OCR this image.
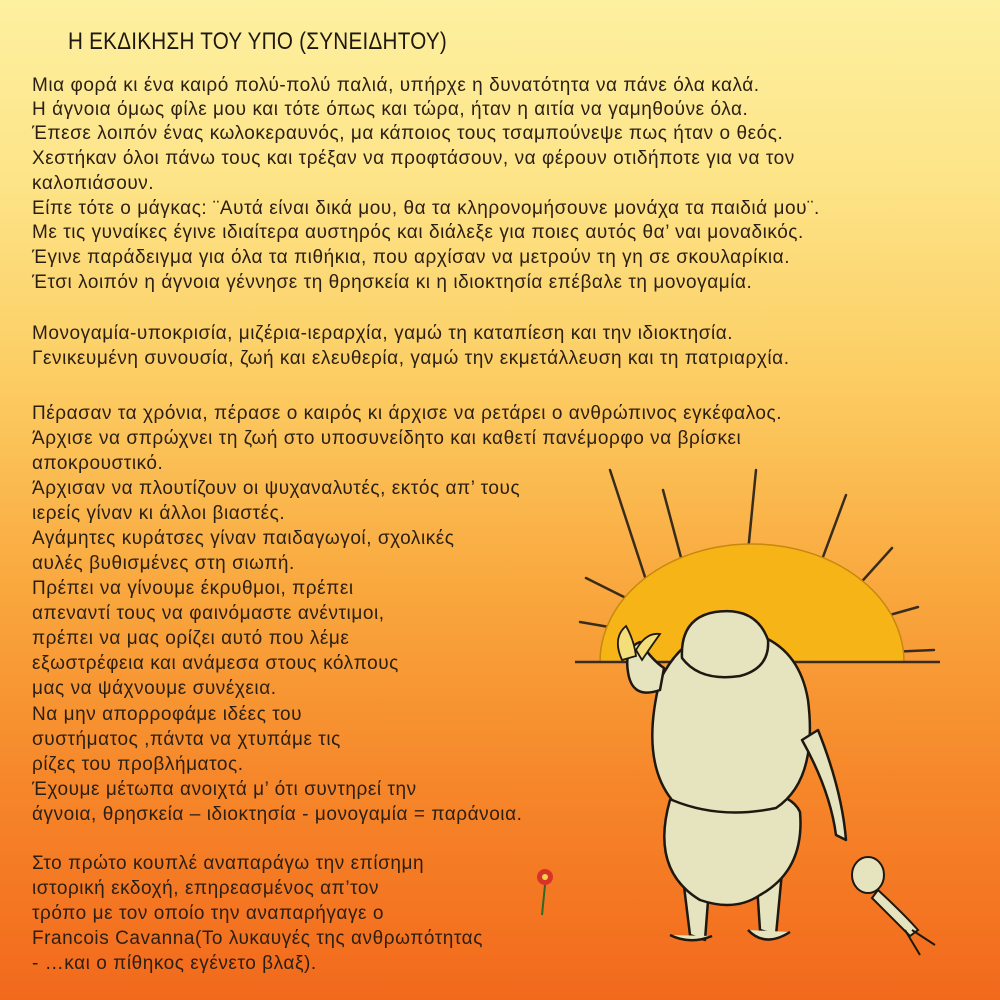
Η ΕΚΔΙΚΗΣΗ ΤΟΥ ΥΠΟ (ΣΥΝΕΙΔΗΤΟΥ)
Μια φορά κι ένα καιρό πολύ-πολύ παλιά, υπήρχε η δυνατότητα να πάνε όλα καλά.
Η άγνοια όμως φίλε μου και τότε όπως και τώρα, ήταν η αιτία να γαμηθούνε όλα.
Έπεσε λοιπόν ένας κωλοκεραυνός, μα κάποιος τους τσαμπούνεψε πως ήταν ο θεός.
Χεστήκαν όλοι πάνω τους και τρέξαν να προφτάσουν, να φέρουν οτιδήποτε για να τον
καλοπιάσουν.
Είπε τότε ο μάγκας: ¨Αυτά είναι δικά μου, θα τα κληρονομήσουνε μονάχα τα παιδιά μου¨.
Με τις γυναίκες έγινε ιδιαίτερα αυστηρός και διάλεξε για ποιες αυτός θα’ ναι μοναδικός.
Έγινε παράδειγμα για όλα τα πιθήκια, που αρχίσαν να μετρούν τη γη σε σκουλαρίκια.
Έτσι λοιπόν η άγνοια γέννησε τη θρησκεία κι η ιδιοκτησία επέβαλε τη μονογαμία.
Μονογαμία-υποκρισία, μιζέρια-ιεραρχία, γαμώ τη καταπίεση και την ιδιοκτησία.
Γενικευμένη συνουσία, ζωή και ελευθερία, γαμώ την εκμετάλλευση και τη πατριαρχία.
Πέρασαν τα χρόνια, πέρασε ο καιρός κι άρχισε να ρετάρει ο ανθρώπινος εγκέφαλος.
Άρχισε να σπρώχνει τη ζωή στο υποσυνείδητο και καθετί πανέμορφο να βρίσκει
αποκρουστικό.
Άρχισαν να πλουτίζουν οι ψυχαναλυτές, εκτός απ’ τους
ιερείς γίναν κι άλλοι βιαστές.
Αγάμητες κυράτσες γίναν παιδαγωγοί, σχολικές
αυλές βυθισμένες στη σιωπή.
Πρέπει να γίνουμε έκρυθμοι, πρέπει
απεναντί τους να φαινόμαστε ανέντιμοι,
πρέπει να μας ορίζει αυτό που λέμε
εξωστρέφεια και ανάμεσα στους κόλπους
μας να ψάχνουμε συνέχεια.
Να μην απορροφάμε ιδέες του
συστήματος ,πάντα να χτυπάμε τις
ρίζες του προβλήματος.
Έχουμε μέτωπα ανοιχτά μ’ ότι συντηρεί την
άγνοια, θρησκεία – ιδιοκτησία - μονογαμία = παράνοια.
Στο πρώτο κουπλέ αναπαράγω την επίσημη
ιστορική εκδοχή, επηρεασμένος απ’τον
τρόπο με τον οποίο την αναπαρήγαγε ο
Francois Cavanna(Το λυκαυγές της ανθρωπότητας
- …και ο πίθηκος εγένετο βλαξ).
